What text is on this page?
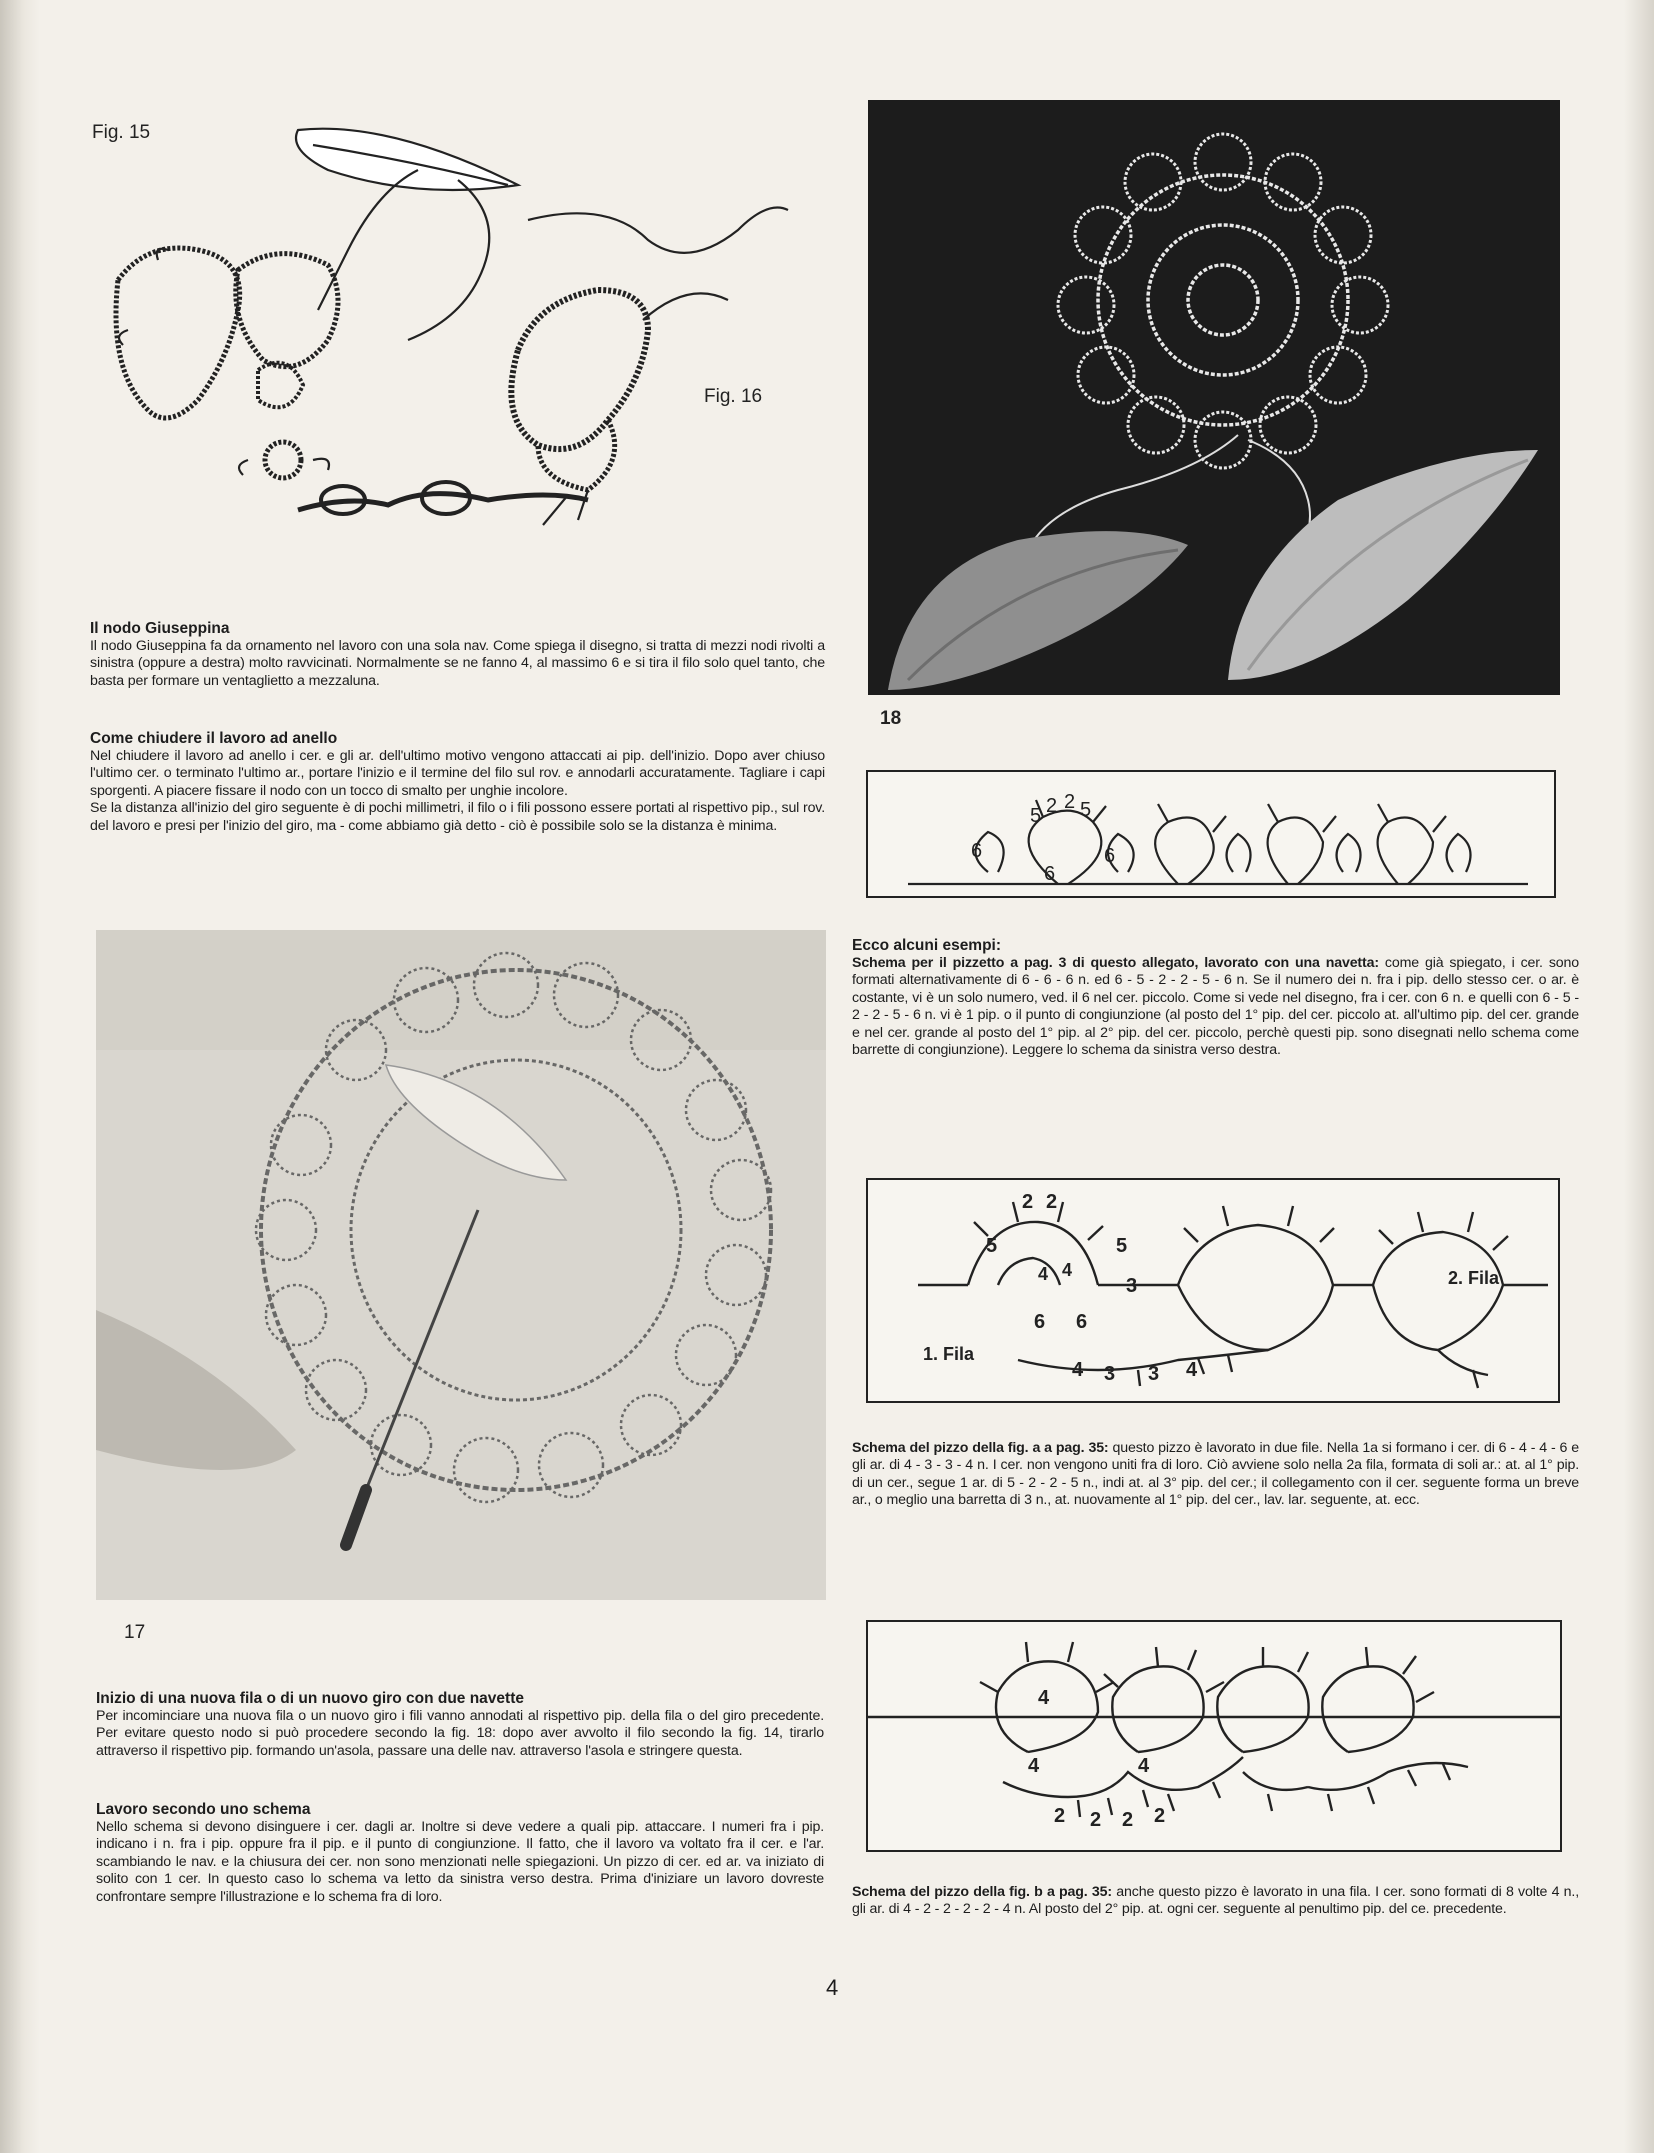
Fig. 15
Fig. 16
Il nodo Giuseppina

Il nodo Giuseppina fa da ornamento nel lavoro con una sola nav. Come spiega il disegno, si tratta di mezzi nodi rivolti a sinistra (oppure a destra) molto ravvicinati. Normalmente se ne fanno 4, al massimo 6 e si tira il filo solo quel tanto, che basta per formare un ventaglietto a mezzaluna.

Come chiudere il lavoro ad anello

Nel chiudere il lavoro ad anello i cer. e gli ar. dell'ultimo motivo vengono attaccati ai pip. dell'inizio. Dopo aver chiuso l'ultimo cer. o terminato l'ultimo ar., portare l'inizio e il termine del filo sul rov. e annodarli accuratamente. Tagliare i capi sporgenti. A piacere fissare il nodo con un tocco di smalto per unghie incolore.

Se la distanza all'inizio del giro seguente è di pochi millimetri, il filo o i fili possono essere portati al rispettivo pip., sul rov. del lavoro e presi per l'inizio del giro, ma - come abbiamo già detto - ciò è possibile solo se la distanza è minima.

17
Inizio di una nuova fila o di un nuovo giro con due navette

Per incominciare una nuova fila o un nuovo giro i fili vanno annodati al rispettivo pip. della fila o del giro precedente. Per evitare questo nodo si può procedere secondo la fig. 18: dopo aver avvolto il filo secondo la fig. 14, tirarlo attraverso il rispettivo pip. formando un'asola, passare una delle nav. attraverso l'asola e stringere questa.

Lavoro secondo uno schema

Nello schema si devono disinguere i cer. dagli ar. Inoltre si deve vedere a quali pip. attaccare. I numeri fra i pip. indicano i n. fra i pip. oppure fra il pip. e il punto di congiunzione. Il fatto, che il lavoro va voltato fra il cer. e l'ar. scambiando le nav. e la chiusura dei cer. non sono menzionati nelle spiegazioni. Un pizzo di cer. ed ar. va iniziato di solito con 1 cer. In questo caso lo schema va letto da sinistra verso destra. Prima d'iniziare un lavoro dovreste confrontare sempre l'illustrazione e lo schema fra di loro.

18
6
5 2 2 5
6
6
Ecco alcuni esempi:

Schema per il pizzetto a pag. 3 di questo allegato, lavorato con una navetta: come già spiegato, i cer. sono formati alternativamente di 6 - 6 - 6 n. ed 6 - 5 - 2 - 2 - 5 - 6 n. Se il numero dei n. fra i pip. dello stesso cer. o ar. è costante, vi è un solo numero, ved. il 6 nel cer. piccolo. Come si vede nel disegno, fra i cer. con 6 n. e quelli con 6 - 5 - 2 - 2 - 5 - 6 n. vi è 1 pip. o il punto di congiunzione (al posto del 1° pip. del cer. piccolo at. all'ultimo pip. del cer. grande e nel cer. grande al posto del 1° pip. al 2° pip. del cer. piccolo, perchè questi pip. sono disegnati nello schema come barrette di congiunzione). Leggere lo schema da sinistra verso destra.

2 2
5	5
4 4
3
6 6
4 3 3 4
1. Fila
2. Fila

Schema del pizzo della fig. a a pag. 35: questo pizzo è lavorato in due file. Nella 1a si formano i cer. di 6 - 4 - 4 - 6 e gli ar. di 4 - 3 - 3 - 4 n. I cer. non vengono uniti fra di loro. Ciò avviene solo nella 2a fila, formata di soli ar.: at. al 1° pip. di un cer., segue 1 ar. di 5 - 2 - 2 - 5 n., indi at. al 3° pip. del cer.; il collegamento con il cer. seguente forma un breve ar., o meglio una barretta di 3 n., at. nuovamente al 1° pip. del cer., lav. lar. seguente, at. ecc.

4
4	4
2 2 2 2

Schema del pizzo della fig. b a pag. 35: anche questo pizzo è lavorato in una fila. I cer. sono formati di 8 volte 4 n., gli ar. di 4 - 2 - 2 - 2 - 2 - 4 n. Al posto del 2° pip. at. ogni cer. seguente al penultimo pip. del ce. precedente.

4
